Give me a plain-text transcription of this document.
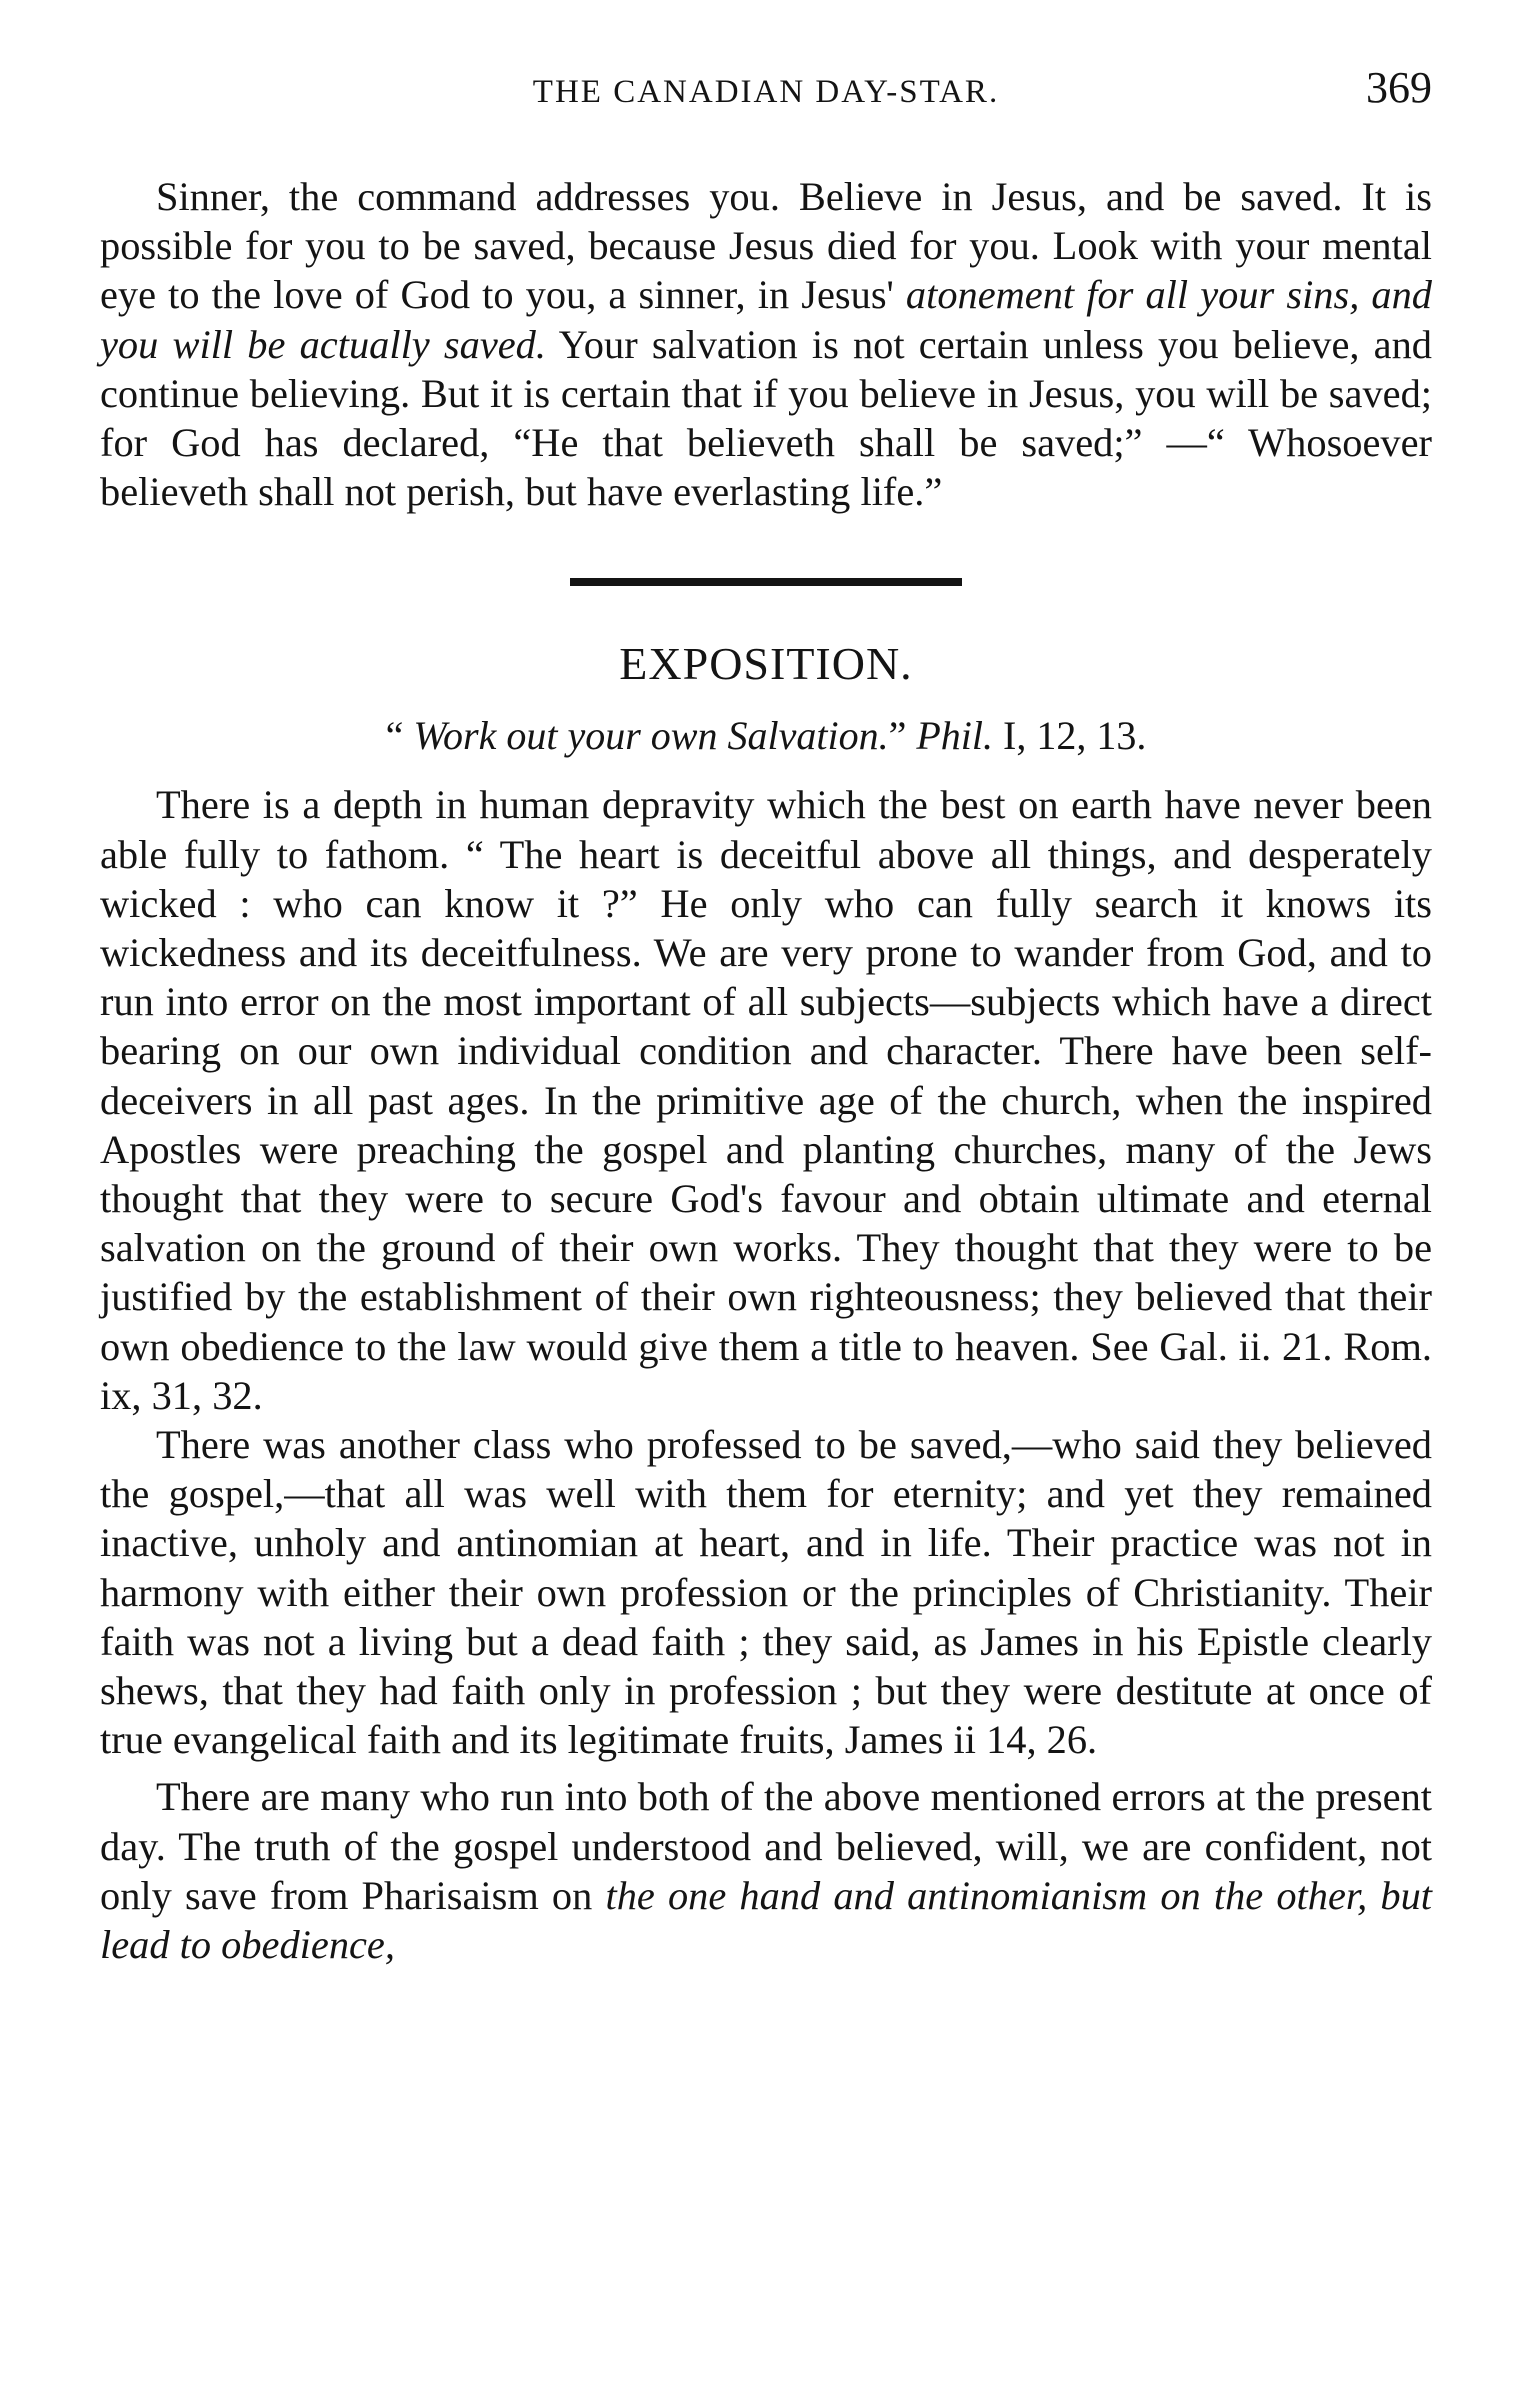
THE CANADIAN DAY-STAR.	369

Sinner, the command addresses you. Believe in Jesus, and be saved. It is possible for you to be saved, because Jesus died for you. Look with your mental eye to the love of God to you, a sinner, in Jesus' atonement for all your sins, and you will be actually saved. Your salvation is not certain unless you believe, and continue believing. But it is certain that if you believe in Jesus, you will be saved; for God has declared, “He that believeth shall be saved;” —“ Whosoever believeth shall not perish, but have everlasting life.”

EXPOSITION.
“ Work out your own Salvation.” Phil. I, 12, 13.

There is a depth in human depravity which the best on earth have never been able fully to fathom. “ The heart is deceitful above all things, and desperately wicked : who can know it ?” He only who can fully search it knows its wickedness and its deceitfulness. We are very prone to wander from God, and to run into error on the most important of all subjects—subjects which have a direct bearing on our own individual condition and character. There have been self-deceivers in all past ages. In the primitive age of the church, when the inspired Apostles were preaching the gospel and planting churches, many of the Jews thought that they were to secure God's favour and obtain ultimate and eternal salvation on the ground of their own works. They thought that they were to be justified by the establishment of their own righteousness; they believed that their own obedience to the law would give them a title to heaven. See Gal. ii. 21. Rom. ix, 31, 32.

There was another class who professed to be saved,—who said they believed the gospel,—that all was well with them for eternity; and yet they remained inactive, unholy and antinomian at heart, and in life. Their practice was not in harmony with either their own profession or the principles of Christianity. Their faith was not a living but a dead faith ; they said, as James in his Epistle clearly shews, that they had faith only in profession ; but they were destitute at once of true evangelical faith and its legitimate fruits, James ii 14, 26.

There are many who run into both of the above mentioned errors at the present day. The truth of the gospel understood and believed, will, we are confident, not only save from Pharisaism on the one hand and antinomianism on the other, but lead to obedience,
